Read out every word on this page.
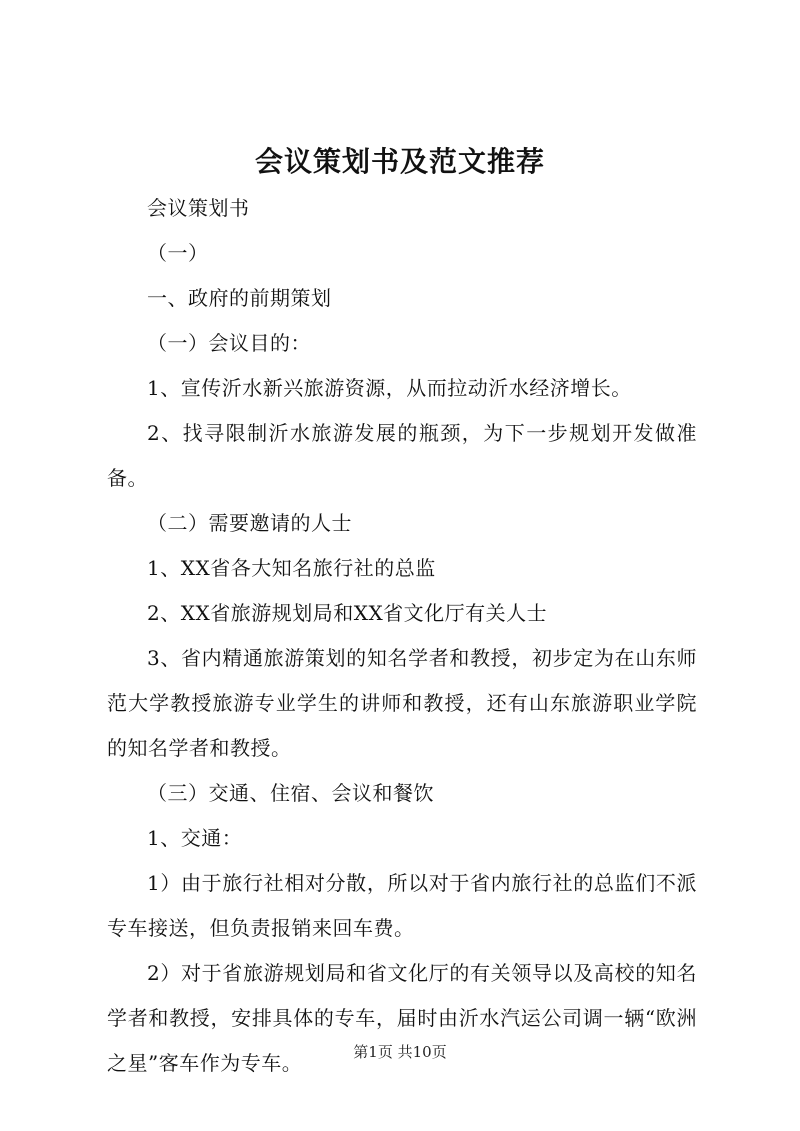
会议策划书及范文推荐

会议策划书

（一）

一、政府的前期策划

（一）会议目的：

1、宣传沂水新兴旅游资源，从而拉动沂水经济增长。

2、找寻限制沂水旅游发展的瓶颈，为下一步规划开发做准备。

（二）需要邀请的人士

1、XX省各大知名旅行社的总监

2、XX省旅游规划局和XX省文化厅有关人士

3、省内精通旅游策划的知名学者和教授，初步定为在山东师范大学教授旅游专业学生的讲师和教授，还有山东旅游职业学院的知名学者和教授。

（三）交通、住宿、会议和餐饮

1、交通：

1）由于旅行社相对分散，所以对于省内旅行社的总监们不派专车接送，但负责报销来回车费。

2）对于省旅游规划局和省文化厅的有关领导以及高校的知名学者和教授，安排具体的专车，届时由沂水汽运公司调一辆“欧洲之星”客车作为专车。	第1页 共10页
